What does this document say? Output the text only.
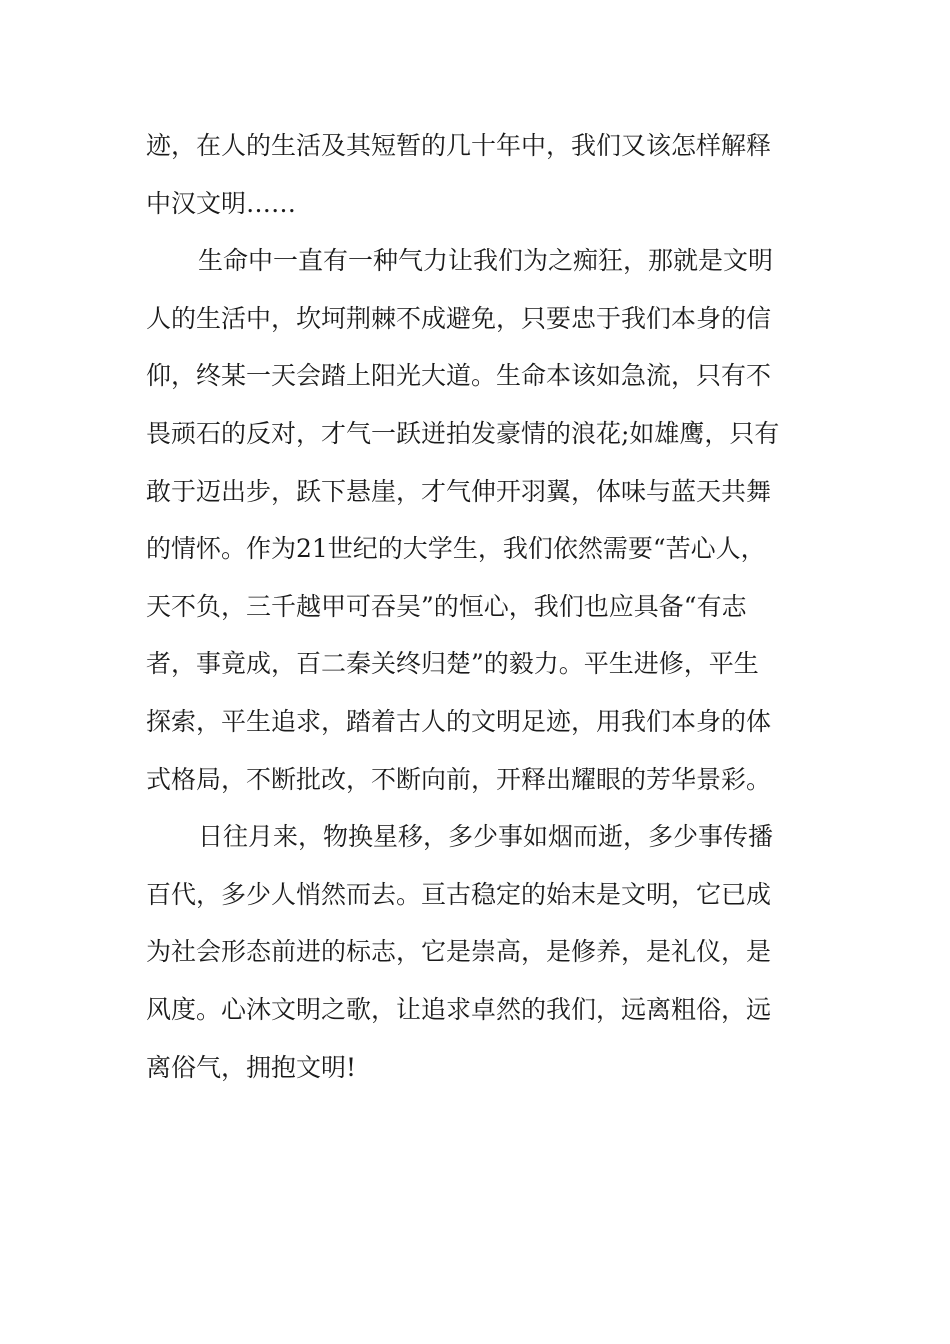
迹，在人的生活及其短暂的几十年中，我们又该怎样解释
中汉文明……
生命中一直有一种气力让我们为之痴狂，那就是文明
人的生活中，坎坷荆棘不成避免，只要忠于我们本身的信
仰，终某一天会踏上阳光大道。生命本该如急流，只有不
畏顽石的反对，才气一跃迸拍发豪情的浪花;如雄鹰，只有
敢于迈出步，跃下悬崖，才气伸开羽翼，体味与蓝天共舞
的情怀。作为21世纪的大学生，我们依然需要“苦心人，
天不负，三千越甲可吞吴”的恒心，我们也应具备“有志
者，事竟成，百二秦关终归楚”的毅力。平生进修，平生
探索，平生追求，踏着古人的文明足迹，用我们本身的体
式格局，不断批改，不断向前，开释出耀眼的芳华景彩。
日往月来，物换星移，多少事如烟而逝，多少事传播
百代，多少人悄然而去。亘古稳定的始末是文明，它已成
为社会形态前进的标志，它是崇高，是修养，是礼仪，是
风度。心沐文明之歌，让追求卓然的我们，远离粗俗，远
离俗气，拥抱文明!
